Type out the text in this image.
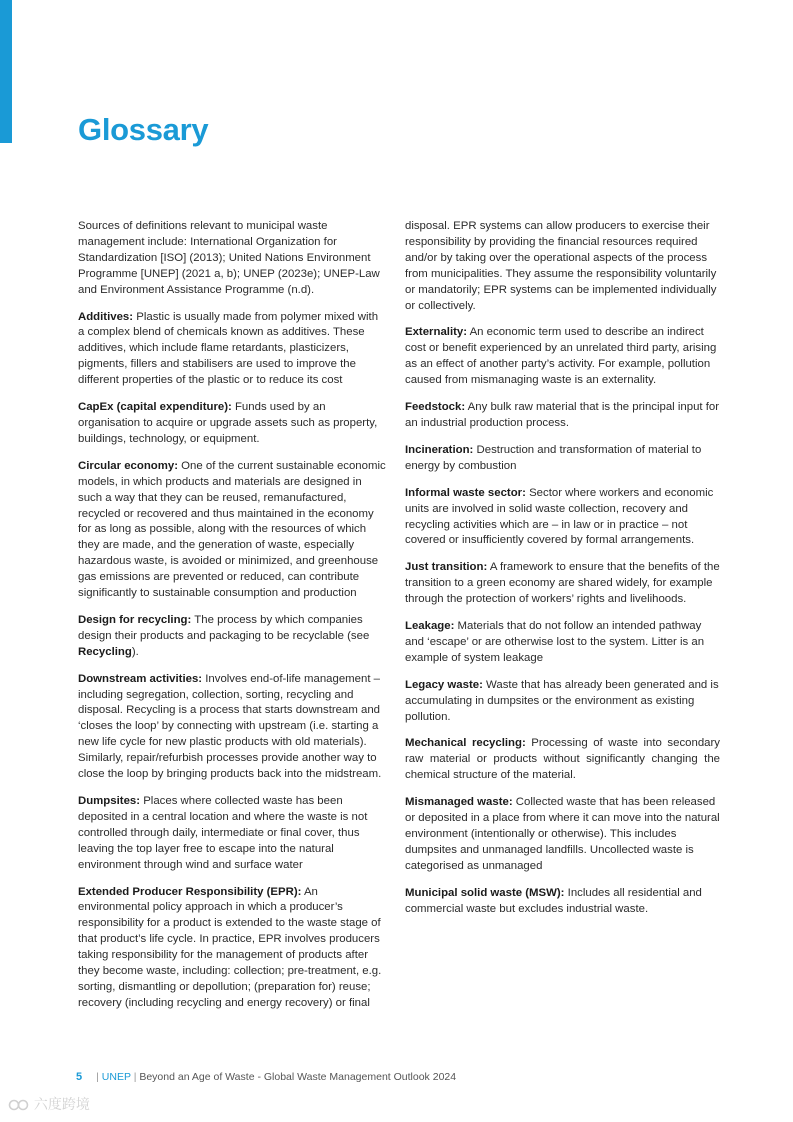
Glossary

Sources of definitions relevant to municipal waste management include: International Organization for Standardization [ISO] (2013); United Nations Environment Programme [UNEP] (2021 a, b); UNEP (2023e); UNEP-Law and Environment Assistance Programme (n.d).

Additives: Plastic is usually made from polymer mixed with a complex blend of chemicals known as additives. These additives, which include flame retardants, plasticizers, pigments, fillers and stabilisers are used to improve the different properties of the plastic or to reduce its cost

CapEx (capital expenditure): Funds used by an organisation to acquire or upgrade assets such as property, buildings, technology, or equipment.

Circular economy: One of the current sustainable economic models, in which products and materials are designed in such a way that they can be reused, remanufactured, recycled or recovered and thus maintained in the economy for as long as possible, along with the resources of which they are made, and the generation of waste, especially hazardous waste, is avoided or minimized, and greenhouse gas emissions are prevented or reduced, can contribute significantly to sustainable consumption and production

Design for recycling: The process by which companies design their products and packaging to be recyclable (see Recycling).

Downstream activities: Involves end-of-life management – including segregation, collection, sorting, recycling and disposal. Recycling is a process that starts downstream and ‘closes the loop’ by connecting with upstream (i.e. starting a new life cycle for new plastic products with old materials). Similarly, repair/refurbish processes provide another way to close the loop by bringing products back into the midstream.

Dumpsites: Places where collected waste has been deposited in a central location and where the waste is not controlled through daily, intermediate or final cover, thus leaving the top layer free to escape into the natural environment through wind and surface water

Extended Producer Responsibility (EPR): An environmental policy approach in which a producer’s responsibility for a product is extended to the waste stage of that product’s life cycle. In practice, EPR involves producers taking responsibility for the management of products after they become waste, including: collection; pre-treatment, e.g. sorting, dismantling or depollution; (preparation for) reuse; recovery (including recycling and energy recovery) or final

disposal. EPR systems can allow producers to exercise their responsibility by providing the financial resources required and/or by taking over the operational aspects of the process from municipalities. They assume the responsibility voluntarily or mandatorily; EPR systems can be implemented individually or collectively.

Externality: An economic term used to describe an indirect cost or benefit experienced by an unrelated third party, arising as an effect of another party’s activity. For example, pollution caused from mismanaging waste is an externality.

Feedstock: Any bulk raw material that is the principal input for an industrial production process.

Incineration: Destruction and transformation of material to energy by combustion

Informal waste sector: Sector where workers and economic units are involved in solid waste collection, recovery and recycling activities which are – in law or in practice – not covered or insufficiently covered by formal arrangements.

Just transition: A framework to ensure that the benefits of the transition to a green economy are shared widely, for example through the protection of workers’ rights and livelihoods.

Leakage: Materials that do not follow an intended pathway and ‘escape’ or are otherwise lost to the system. Litter is an example of system leakage

Legacy waste: Waste that has already been generated and is accumulating in dumpsites or the environment as existing pollution.

Mechanical recycling: Processing of waste into secondary raw material or products without significantly changing the chemical structure of the material.

Mismanaged waste: Collected waste that has been released or deposited in a place from where it can move into the natural environment (intentionally or otherwise). This includes dumpsites and unmanaged landfills. Uncollected waste is categorised as unmanaged

Municipal solid waste (MSW): Includes all residential and commercial waste but excludes industrial waste.

5 | UNEP | Beyond an Age of Waste - Global Waste Management Outlook 2024
六度跨境
